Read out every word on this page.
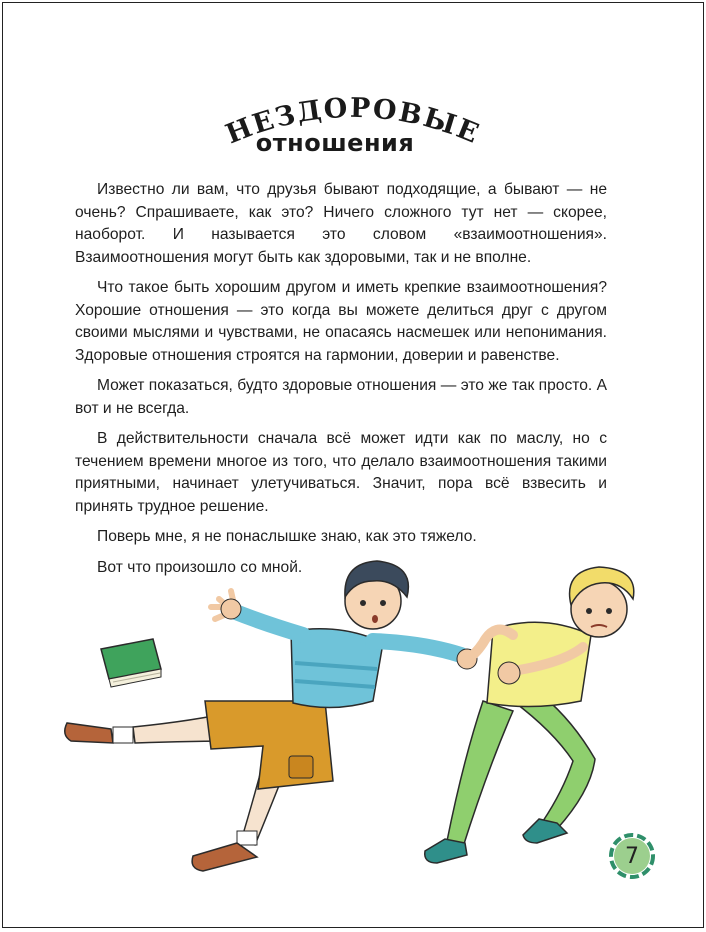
НЕЗДОРОВЫЕ
отношения

Известно ли вам, что друзья бывают подходящие, а бывают — не очень? Спрашиваете, как это? Ничего сложного тут нет — скорее, наоборот. И называется это словом «взаимоотношения». Взаимоотношения могут быть как здоровыми, так и не вполне.

Что такое быть хорошим другом и иметь крепкие взаимоотношения? Хорошие отношения — это когда вы можете делиться друг с другом своими мыслями и чувствами, не опасаясь насмешек или непонимания. Здоровые отношения строятся на гармонии, доверии и равенстве.

Может показаться, будто здоровые отношения — это же так просто. А вот и не всегда.

В действительности сначала всё может идти как по маслу, но с течением времени многое из того, что делало взаимоотношения такими приятными, начинает улетучиваться. Значит, пора всё взвесить и принять трудное решение.

Поверь мне, я не понаслышке знаю, как это тяжело.

Вот что произошло со мной.

7
